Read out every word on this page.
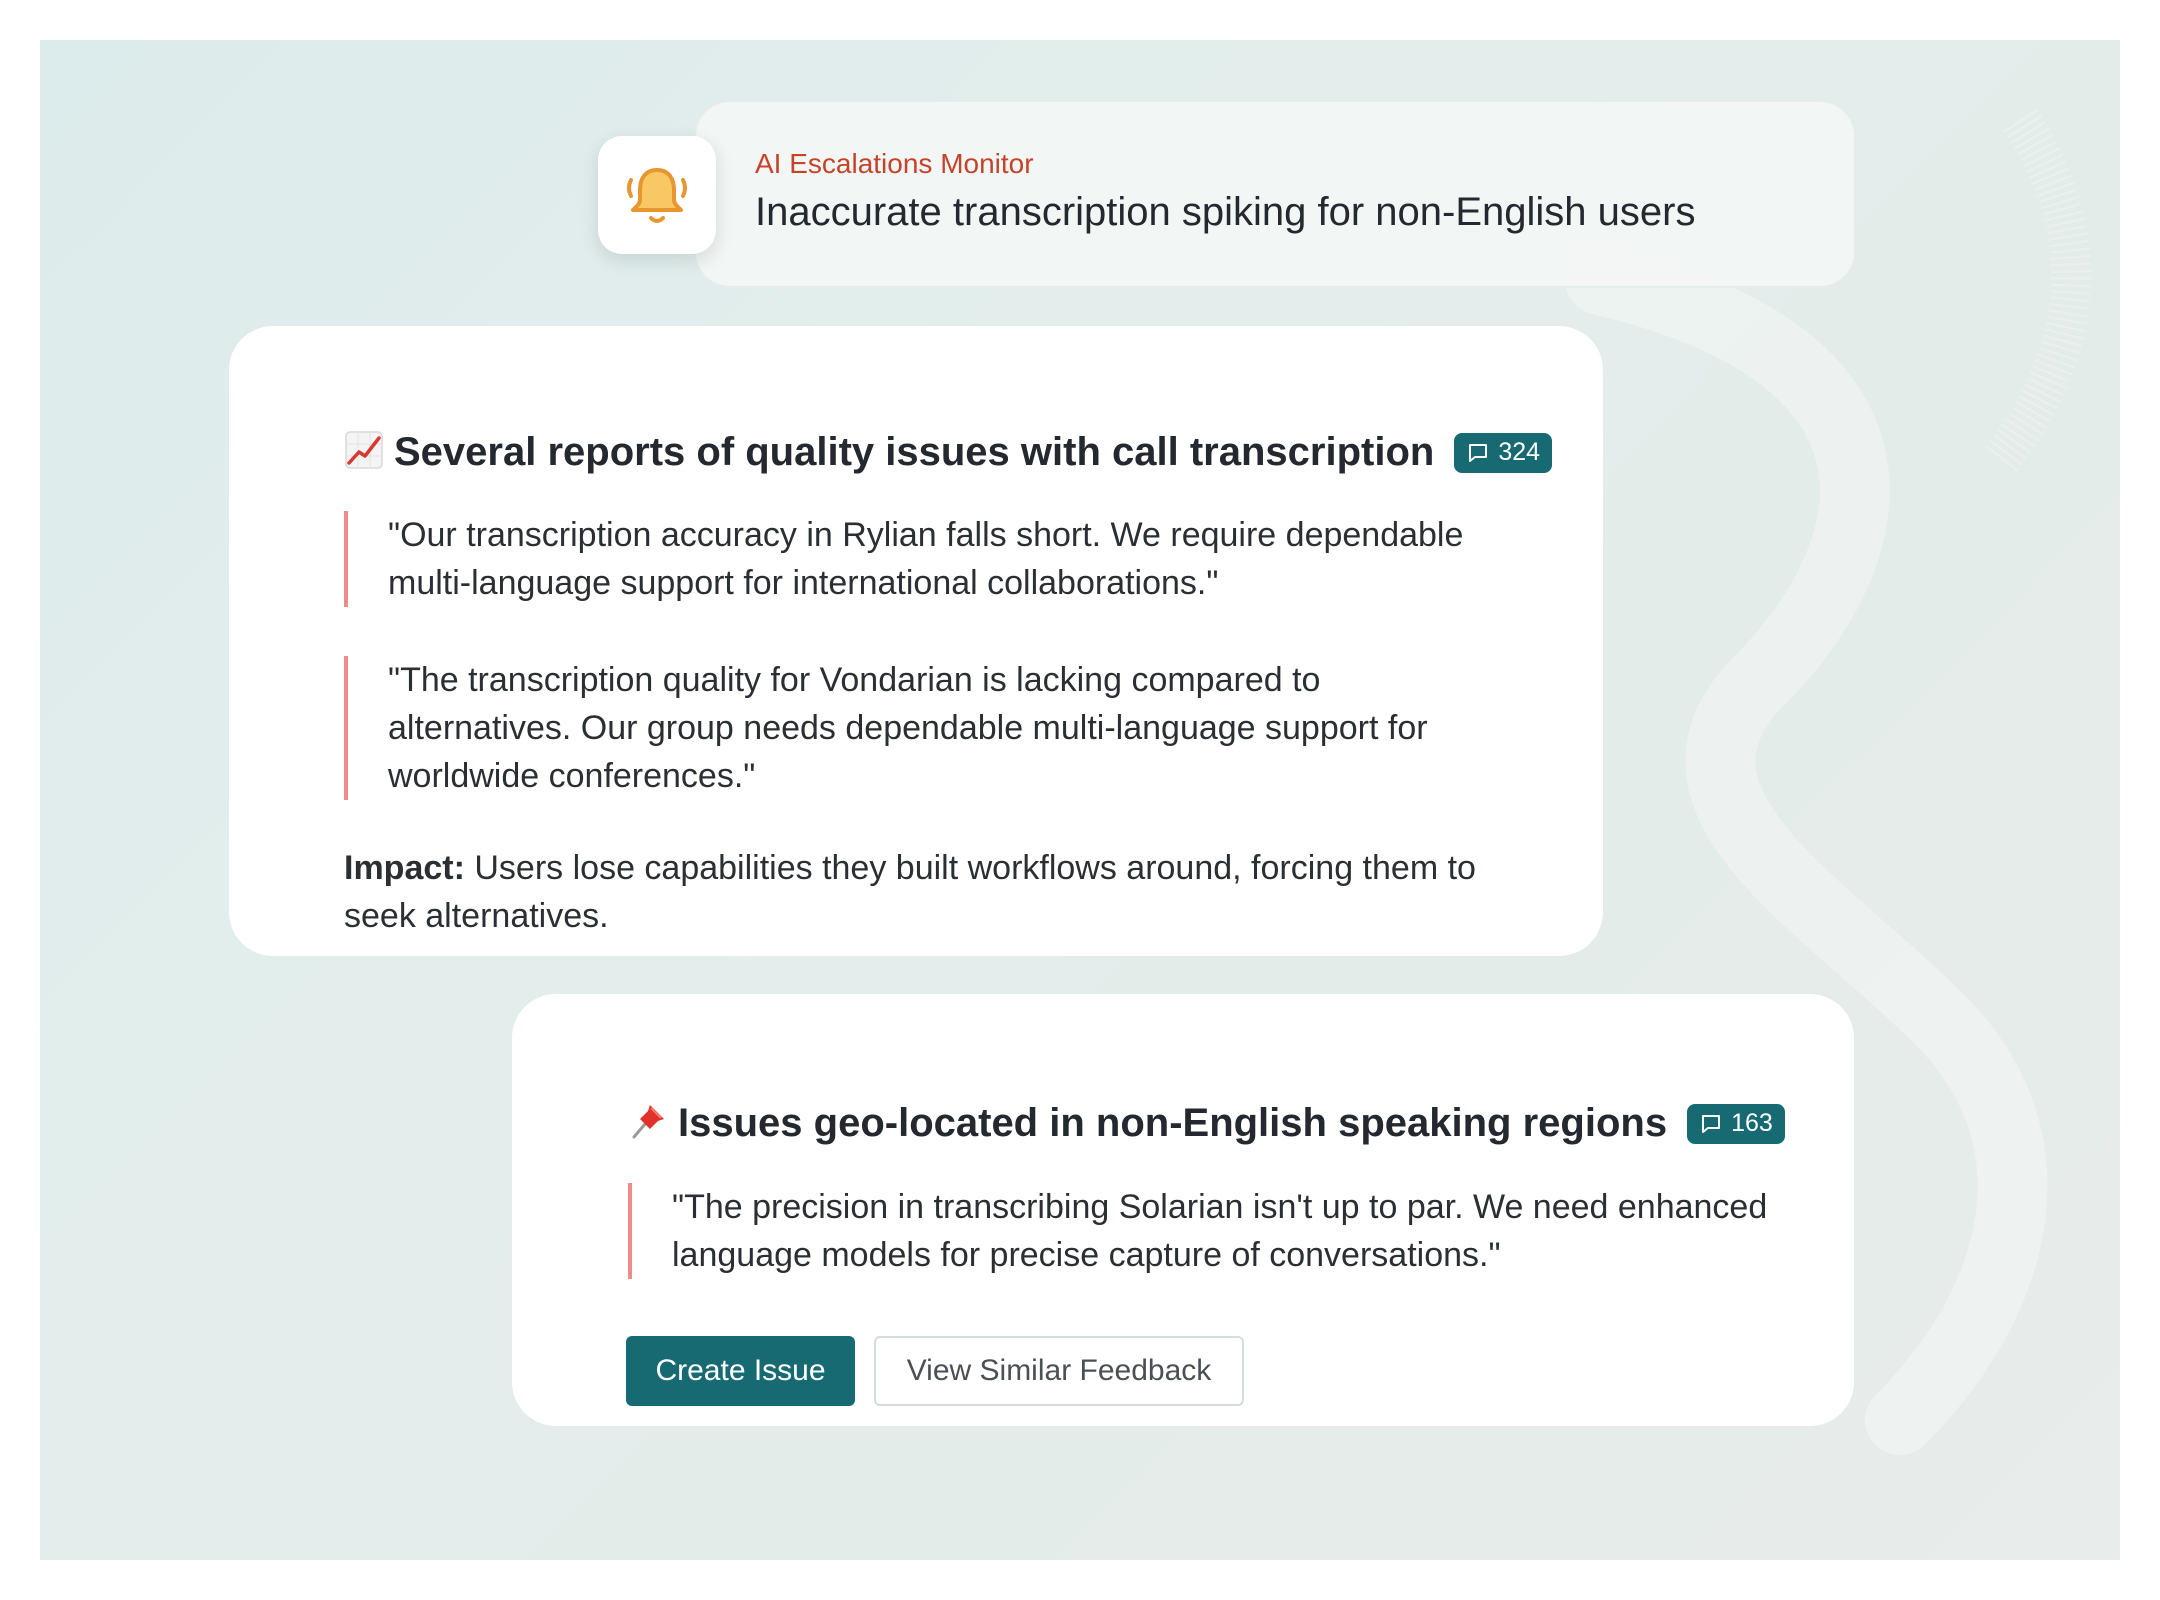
AI Escalations Monitor
Inaccurate transcription spiking for non-English users
Several reports of quality issues with call transcription	324
"Our transcription accuracy in Rylian falls short. We require dependable multi-language support for international collaborations."
"The transcription quality for Vondarian is lacking compared to alternatives. Our group needs dependable multi-language support for worldwide conferences."
Impact: Users lose capabilities they built workflows around, forcing them to seek alternatives.
Issues geo-located in non-English speaking regions	163
"The precision in transcribing Solarian isn't up to par. We need enhanced language models for precise capture of conversations."
Create Issue	View Similar Feedback
